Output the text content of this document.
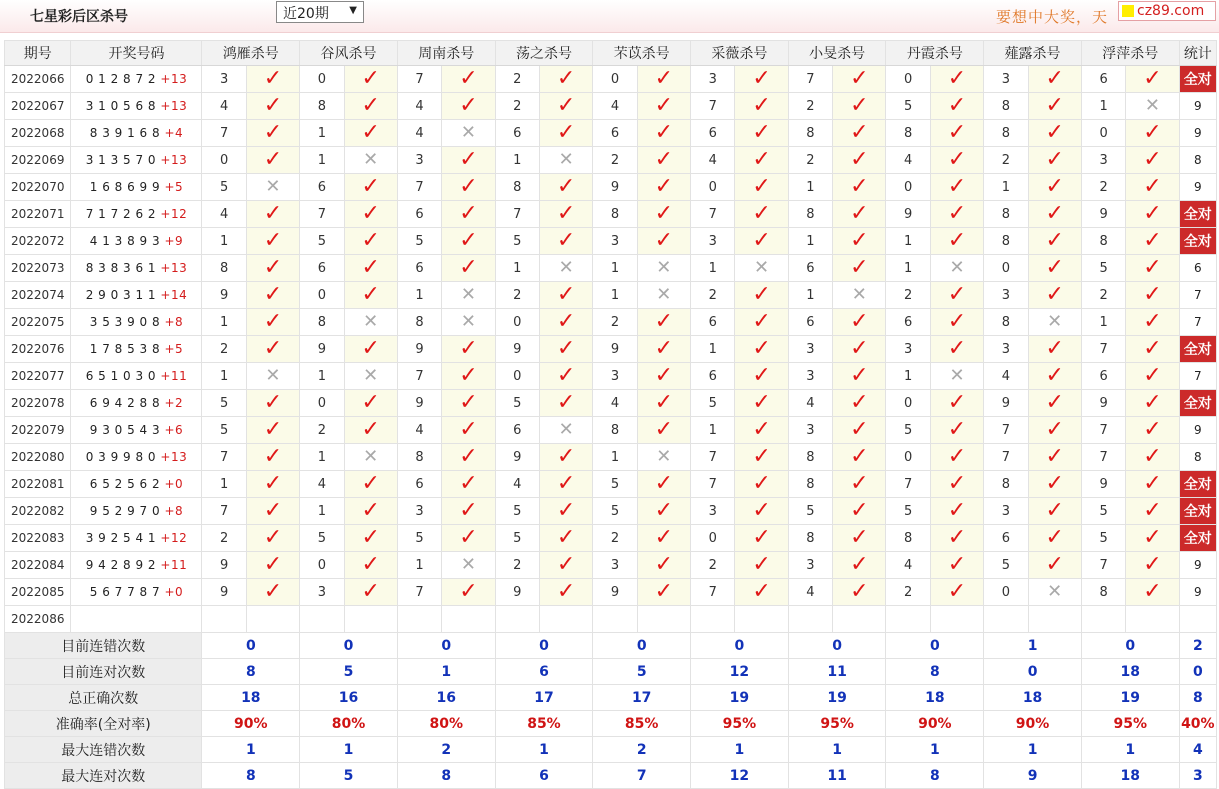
七星彩后区杀号	近20期 ▼	要想中大奖，天 cz89.com
期号	开奖号码	鸿雁杀号		谷风杀号		周南杀号		荡之杀号		芣苡杀号		采薇杀号		小旻杀号		丹霞杀号		薤露杀号		浮萍杀号		统计
2022066	0 1 2 8 7 2 +13	3	✓	0	✓	7	✓	2	✓	0	✓	3	✓	7	✓	0	✓	3	✓	6	✓	全对
2022067	3 1 0 5 6 8 +13	4	✓	8	✓	4	✓	2	✓	4	✓	7	✓	2	✓	5	✓	8	✓	1	✕	9
2022068	8 3 9 1 6 8 +4	7	✓	1	✓	4	✕	6	✓	6	✓	6	✓	8	✓	8	✓	8	✓	0	✓	9
2022069	3 1 3 5 7 0 +13	0	✓	1	✕	3	✓	1	✕	2	✓	4	✓	2	✓	4	✓	2	✓	3	✓	8
2022070	1 6 8 6 9 9 +5	5	✕	6	✓	7	✓	8	✓	9	✓	0	✓	1	✓	0	✓	1	✓	2	✓	9
2022071	7 1 7 2 6 2 +12	4	✓	7	✓	6	✓	7	✓	8	✓	7	✓	8	✓	9	✓	8	✓	9	✓	全对
2022072	4 1 3 8 9 3 +9	1	✓	5	✓	5	✓	5	✓	3	✓	3	✓	1	✓	1	✓	8	✓	8	✓	全对
2022073	8 3 8 3 6 1 +13	8	✓	6	✓	6	✓	1	✕	1	✕	1	✕	6	✓	1	✕	0	✓	5	✓	6
2022074	2 9 0 3 1 1 +14	9	✓	0	✓	1	✕	2	✓	1	✕	2	✓	1	✕	2	✓	3	✓	2	✓	7
2022075	3 5 3 9 0 8 +8	1	✓	8	✕	8	✕	0	✓	2	✓	6	✓	6	✓	6	✓	8	✕	1	✓	7
2022076	1 7 8 5 3 8 +5	2	✓	9	✓	9	✓	9	✓	9	✓	1	✓	3	✓	3	✓	3	✓	7	✓	全对
2022077	6 5 1 0 3 0 +11	1	✕	1	✕	7	✓	0	✓	3	✓	6	✓	3	✓	1	✕	4	✓	6	✓	7
2022078	6 9 4 2 8 8 +2	5	✓	0	✓	9	✓	5	✓	4	✓	5	✓	4	✓	0	✓	9	✓	9	✓	全对
2022079	9 3 0 5 4 3 +6	5	✓	2	✓	4	✓	6	✕	8	✓	1	✓	3	✓	5	✓	7	✓	7	✓	9
2022080	0 3 9 9 8 0 +13	7	✓	1	✕	8	✓	9	✓	1	✕	7	✓	8	✓	0	✓	7	✓	7	✓	8
2022081	6 5 2 5 6 2 +0	1	✓	4	✓	6	✓	4	✓	5	✓	7	✓	8	✓	7	✓	8	✓	9	✓	全对
2022082	9 5 2 9 7 0 +8	7	✓	1	✓	3	✓	5	✓	5	✓	3	✓	5	✓	5	✓	3	✓	5	✓	全对
2022083	3 9 2 5 4 1 +12	2	✓	5	✓	5	✓	5	✓	2	✓	0	✓	8	✓	8	✓	6	✓	5	✓	全对
2022084	9 4 2 8 9 2 +11	9	✓	0	✓	1	✕	2	✓	3	✓	2	✓	3	✓	4	✓	5	✓	7	✓	9
2022085	5 6 7 7 8 7 +0	9	✓	3	✓	7	✓	9	✓	9	✓	7	✓	4	✓	2	✓	0	✕	8	✓	9
2022086	当前期杀号	0		3		2		3		4		3		4		5		4		5		
目前连错次数		0		0		0		0		0		0		0		0		1		0		2
目前连对次数		8		5		1		6		5		12		11		8		0		18		0
总正确次数		18		16		16		17		17		19		19		18		18		19		8
准确率(全对率)		90%		80%		80%		85%		85%		95%		95%		90%		90%		95%		40%
最大连错次数		1		1		2		1		2		1		1		1		1		1		4
最大连对次数		8		5		8		6		7		12		11		8		9		18		3
